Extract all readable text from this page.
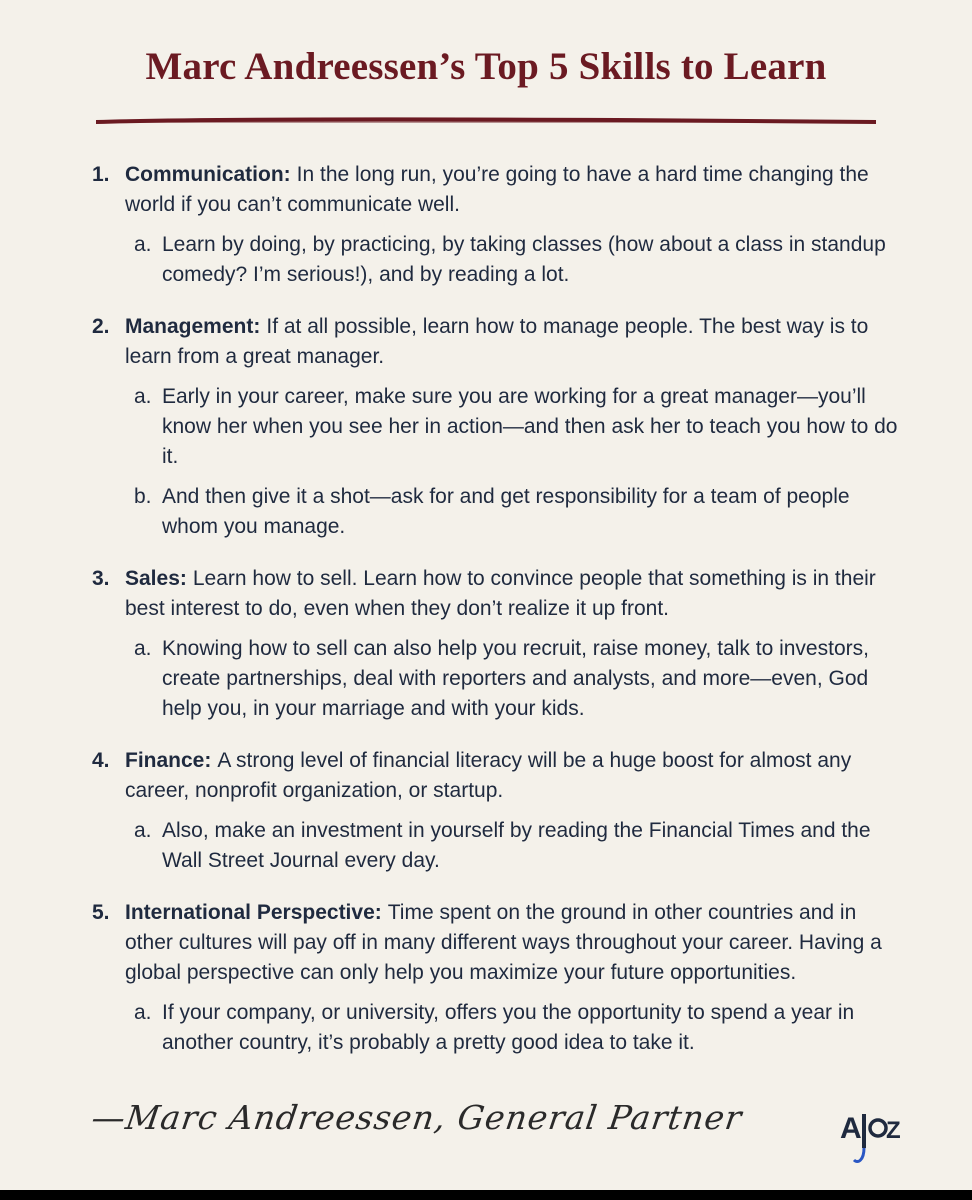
Marc Andreessen’s Top 5 Skills to Learn
1. Communication: In the long run, you’re going to have a hard time changing the world if you can’t communicate well.
a. Learn by doing, by practicing, by taking classes (how about a class in standup comedy? I’m serious!), and by reading a lot.
2. Management: If at all possible, learn how to manage people. The best way is to learn from a great manager.
a. Early in your career, make sure you are working for a great manager—you’ll know her when you see her in action—and then ask her to teach you how to do it.
b. And then give it a shot—ask for and get responsibility for a team of people whom you manage.
3. Sales: Learn how to sell. Learn how to convince people that something is in their best interest to do, even when they don’t realize it up front.
a. Knowing how to sell can also help you recruit, raise money, talk to investors, create partnerships, deal with reporters and analysts, and more—even, God help you, in your marriage and with your kids.
4. Finance: A strong level of financial literacy will be a huge boost for almost any career, nonprofit organization, or startup.
a. Also, make an investment in yourself by reading the Financial Times and the Wall Street Journal every day.
5. International Perspective: Time spent on the ground in other countries and in other cultures will pay off in many different ways throughout your career. Having a global perspective can only help you maximize your future opportunities.
a. If your company, or university, offers you the opportunity to spend a year in another country, it’s probably a pretty good idea to take it.
—Marc Andreessen, General Partner	A Z
